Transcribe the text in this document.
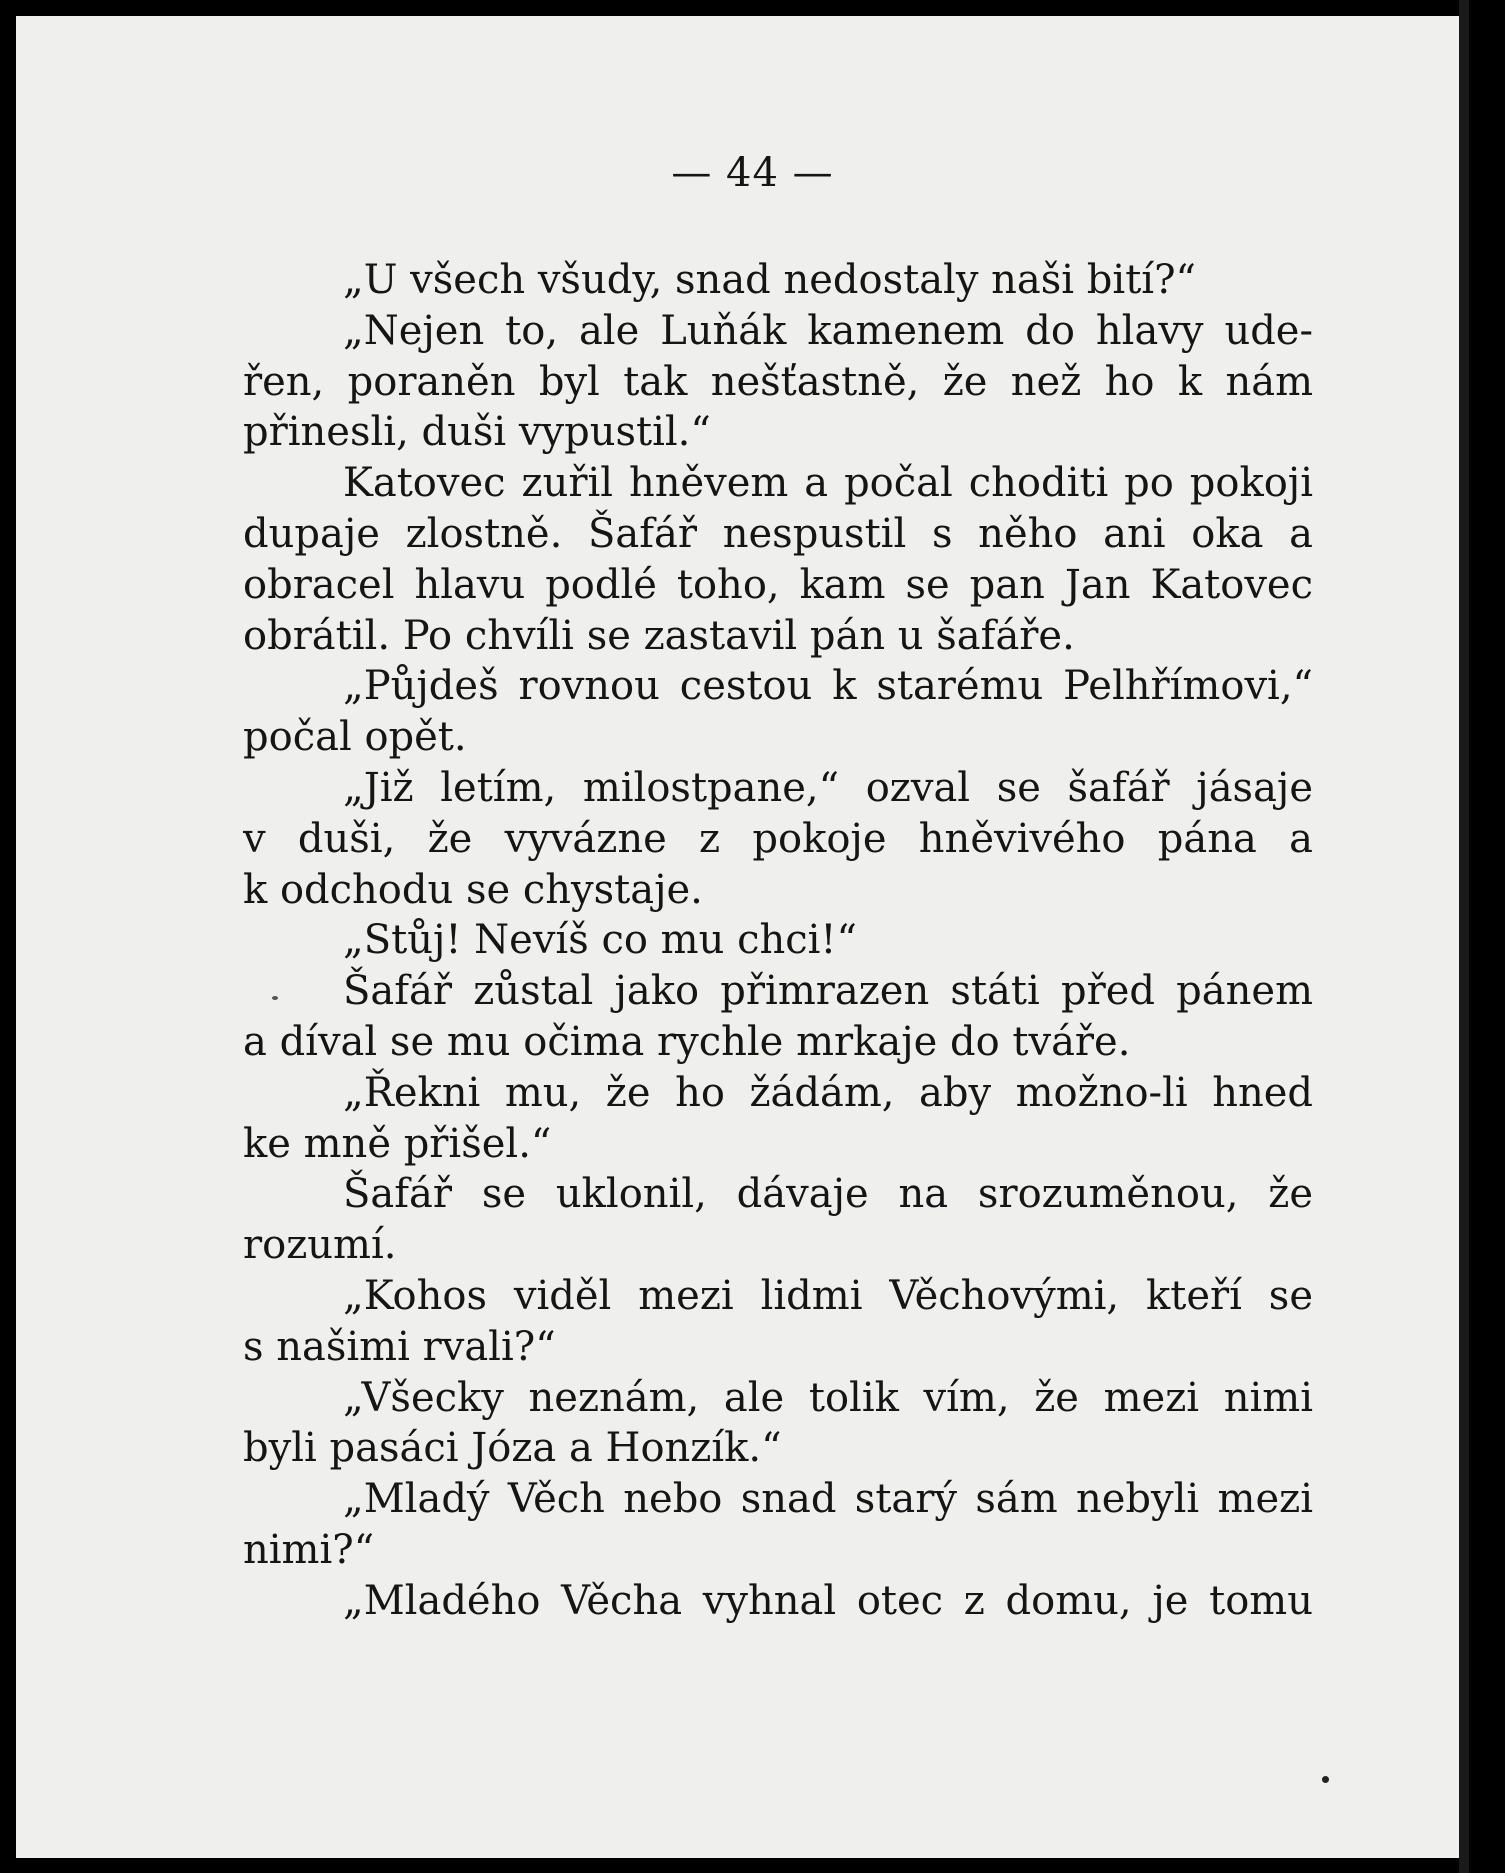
— 44 —
„U všech všudy, snad nedostaly naši bití?“
„Nejen to, ale Luňák kamenem do hlavy ude-
řen, poraněn byl tak nešťastně, že než ho k nám
přinesli, duši vypustil.“
Katovec zuřil hněvem a počal choditi po pokoji
dupaje zlostně. Šafář nespustil s něho ani oka a
obracel hlavu podlé toho, kam se pan Jan Katovec
obrátil. Po chvíli se zastavil pán u šafáře.
„Půjdeš rovnou cestou k starému Pelhřímovi,“
počal opět.
„Již letím, milostpane,“ ozval se šafář jásaje
v duši, že vyvázne z pokoje hněvivého pána a
k odchodu se chystaje.
„Stůj! Nevíš co mu chci!“
Šafář zůstal jako přimrazen státi před pánem
a díval se mu očima rychle mrkaje do tváře.
„Řekni mu, že ho žádám, aby možno-li hned
ke mně přišel.“
Šafář se uklonil, dávaje na srozuměnou, že
rozumí.
„Kohos viděl mezi lidmi Věchovými, kteří se
s našimi rvali?“
„Všecky neznám, ale tolik vím, že mezi nimi
byli pasáci Józa a Honzík.“
„Mladý Věch nebo snad starý sám nebyli mezi
nimi?“
„Mladého Věcha vyhnal otec z domu, je tomu
